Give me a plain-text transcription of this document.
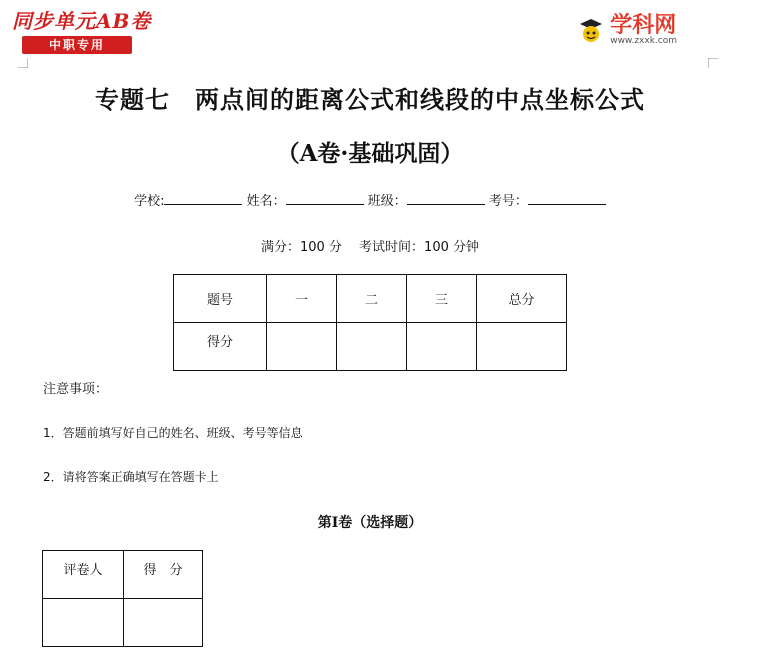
同步单元AB卷
中职专用
学科网
www.zxxk.com
专题七　两点间的距离公式和线段的中点坐标公式
（A卷·基础巩固）
学校:	姓名：	班级：	考号：
满分：100 分　 考试时间：100 分钟
题号	一	二	三	总分
得分				
注意事项：
1．答题前填写好自己的姓名、班级、考号等信息
2．请将答案正确填写在答题卡上
第Ⅰ卷（选择题）
评卷人	得　分
